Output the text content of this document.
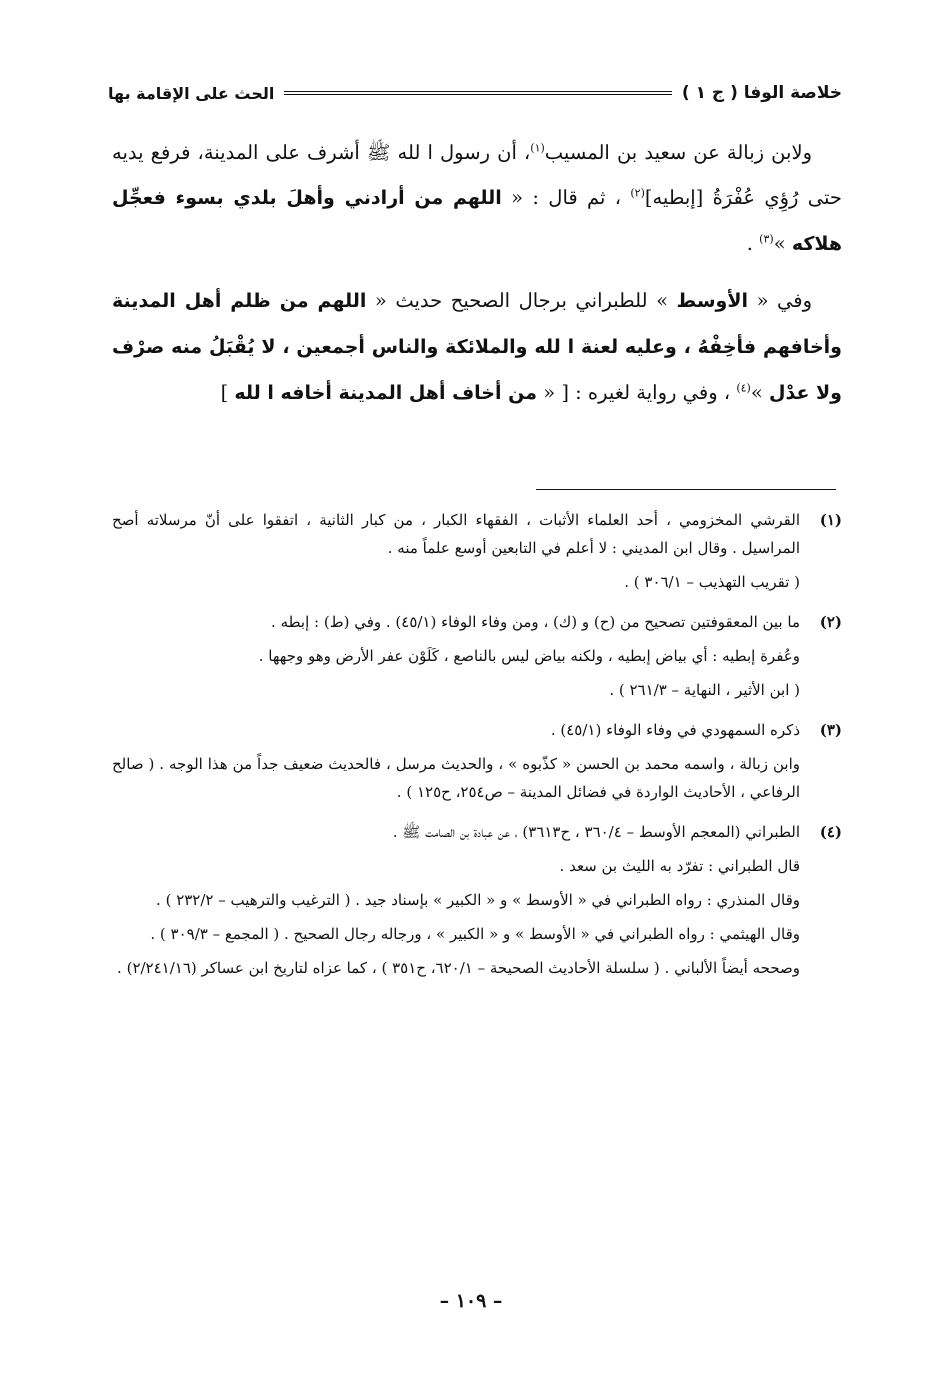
خلاصة الوفا ( ج ١ )
الحث على الإقامة بها

ولابن زبالة عن سعيد بن المسيب$^{(١)}$، أن رسول ا لله ﷺ أشرف على المدينة، فرفع يديه حتى رُؤِي عُفْرَةُ [إبطيه]$^{(٢)}$ ، ثم قال : « اللهم من أرادني وأهلَ بلدي بسوء فعجِّل هلاكه »$^{(٣)}$ .

وفي « الأوسط » للطبراني برجال الصحيح حديث « اللهم من ظلم أهل المدينة وأخافهم فأخِفْهُ ، وعليه لعنة ا لله والملائكة والناس أجمعين ، لا يُقْبَلُ منه صرْف ولا عدْل »$^{(٤)}$ ، وفي رواية لغيره : [ « من أخاف أهل المدينة أخافه ا لله ]

(١)
القرشي المخزومي ، أحد العلماء الأثبات ، الفقهاء الكبار ، من كبار الثانية ، اتفقوا على أنّ مرسلاته أصح المراسيل . وقال ابن المديني : لا أعلم في التابعين أوسع علماً منه .
( تقريب التهذيب – ٣٠٦/١ ) .
(٢)
ما بين المعقوفتين تصحيح من (ح) و (ك) ، ومن وفاء الوفاء (٤٥/١) . وفي (ط) : إبطه .
وعُفرة إبطيه : أي بياض إبطيه ، ولكنه بياض ليس بالناصع ، كَلَوْن عفر الأرض وهو وجهها .
( ابن الأثير ، النهاية – ٢٦١/٣ ) .
(٣)
ذكره السمهودي في وفاء الوفاء (٤٥/١) .
وابن زبالة ، واسمه محمد بن الحسن « كذّبوه » ، والحديث مرسل ، فالحديث ضعيف جداً من هذا الوجه . ( صالح الرفاعي ، الأحاديث الواردة في فضائل المدينة – ص٢٥٤، ح١٢٥ ) .
(٤)
الطبراني (المعجم الأوسط – ٣٦٠/٤ ، ح٣٦١٣) ، عن عبادة بن الصامت ﷺ .
قال الطبراني : تفرّد به الليث بن سعد .
وقال المنذري : رواه الطبراني في « الأوسط » و « الكبير » بإسناد جيد . ( الترغيب والترهيب – ٢٣٢/٢ ) .
وقال الهيثمي : رواه الطبراني في « الأوسط » و « الكبير » ، ورجاله رجال الصحيح . ( المجمع – ٣٠٩/٣ ) .
وصححه أيضاً الألباني . ( سلسلة الأحاديث الصحيحة – ٦٢٠/١، ح٣٥١ ) ، كما عزاه لتاريخ ابن عساكر (٢/٢٤١/١٦) .
– ١٠٩ –
